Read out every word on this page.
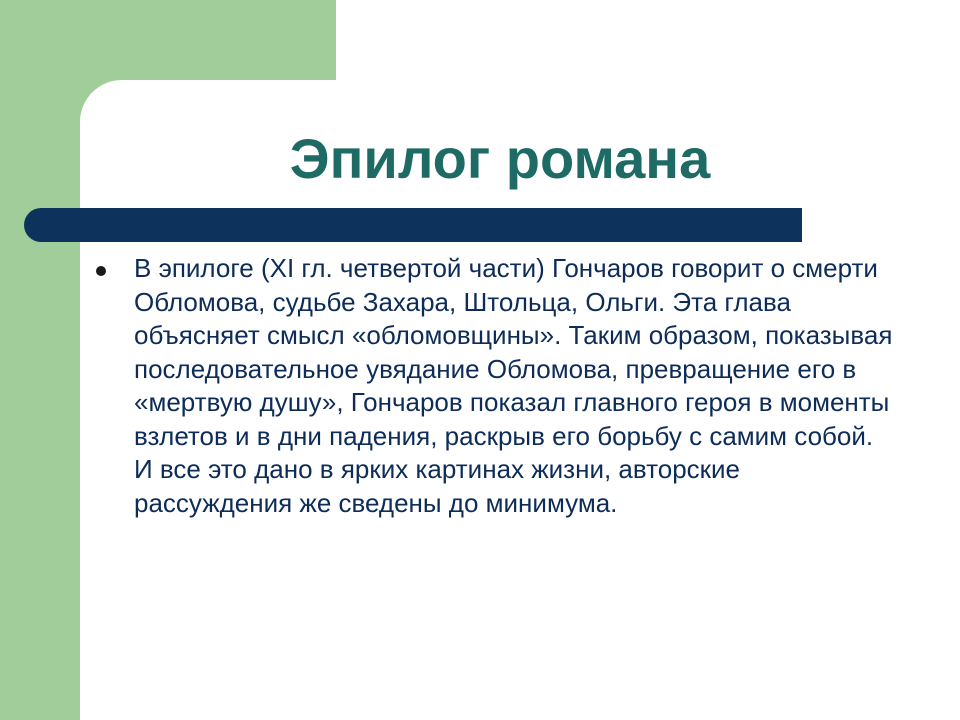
Эпилог романа
В эпилоге (XI гл. четвертой части) Гончаров говорит о смерти Обломова, судьбе Захара, Штольца, Ольги. Эта глава объясняет смысл «обломовщины». Таким образом, показывая последовательное увядание Обломова, превращение его в «мертвую душу», Гончаров показал главного героя в моменты взлетов и в дни падения, раскрыв его борьбу с самим собой. И все это дано в ярких картинах жизни, авторские рассуждения же сведены до минимума.
